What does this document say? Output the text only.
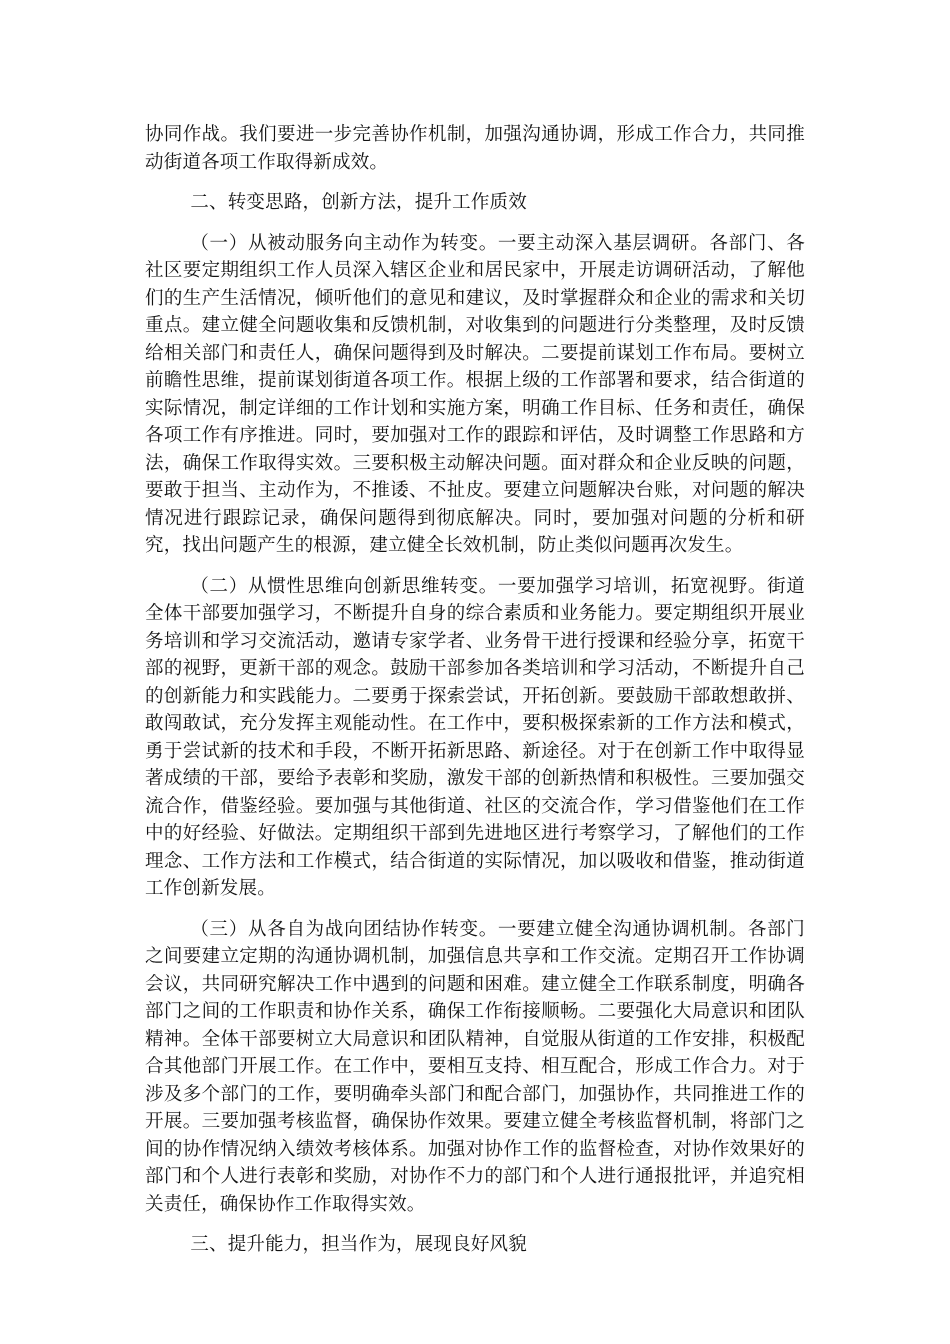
协同作战。我们要进一步完善协作机制，加强沟通协调，形成工作合力，共同推动街道各项工作取得新成效。

二、转变思路，创新方法，提升工作质效

（一）从被动服务向主动作为转变。一要主动深入基层调研。各部门、各社区要定期组织工作人员深入辖区企业和居民家中，开展走访调研活动，了解他们的生产生活情况，倾听他们的意见和建议，及时掌握群众和企业的需求和关切重点。建立健全问题收集和反馈机制，对收集到的问题进行分类整理，及时反馈给相关部门和责任人，确保问题得到及时解决。二要提前谋划工作布局。要树立前瞻性思维，提前谋划街道各项工作。根据上级的工作部署和要求，结合街道的实际情况，制定详细的工作计划和实施方案，明确工作目标、任务和责任，确保各项工作有序推进。同时，要加强对工作的跟踪和评估，及时调整工作思路和方法，确保工作取得实效。三要积极主动解决问题。面对群众和企业反映的问题，要敢于担当、主动作为，不推诿、不扯皮。要建立问题解决台账，对问题的解决情况进行跟踪记录，确保问题得到彻底解决。同时，要加强对问题的分析和研究，找出问题产生的根源，建立健全长效机制，防止类似问题再次发生。

（二）从惯性思维向创新思维转变。一要加强学习培训，拓宽视野。街道全体干部要加强学习，不断提升自身的综合素质和业务能力。要定期组织开展业务培训和学习交流活动，邀请专家学者、业务骨干进行授课和经验分享，拓宽干部的视野，更新干部的观念。鼓励干部参加各类培训和学习活动，不断提升自己的创新能力和实践能力。二要勇于探索尝试，开拓创新。要鼓励干部敢想敢拼、敢闯敢试，充分发挥主观能动性。在工作中，要积极探索新的工作方法和模式，勇于尝试新的技术和手段，不断开拓新思路、新途径。对于在创新工作中取得显著成绩的干部，要给予表彰和奖励，激发干部的创新热情和积极性。三要加强交流合作，借鉴经验。要加强与其他街道、社区的交流合作，学习借鉴他们在工作中的好经验、好做法。定期组织干部到先进地区进行考察学习，了解他们的工作理念、工作方法和工作模式，结合街道的实际情况，加以吸收和借鉴，推动街道工作创新发展。

（三）从各自为战向团结协作转变。一要建立健全沟通协调机制。各部门之间要建立定期的沟通协调机制，加强信息共享和工作交流。定期召开工作协调会议，共同研究解决工作中遇到的问题和困难。建立健全工作联系制度，明确各部门之间的工作职责和协作关系，确保工作衔接顺畅。二要强化大局意识和团队精神。全体干部要树立大局意识和团队精神，自觉服从街道的工作安排，积极配合其他部门开展工作。在工作中，要相互支持、相互配合，形成工作合力。对于涉及多个部门的工作，要明确牵头部门和配合部门，加强协作，共同推进工作的开展。三要加强考核监督，确保协作效果。要建立健全考核监督机制，将部门之间的协作情况纳入绩效考核体系。加强对协作工作的监督检查，对协作效果好的部门和个人进行表彰和奖励，对协作不力的部门和个人进行通报批评，并追究相关责任，确保协作工作取得实效。

三、提升能力，担当作为，展现良好风貌
